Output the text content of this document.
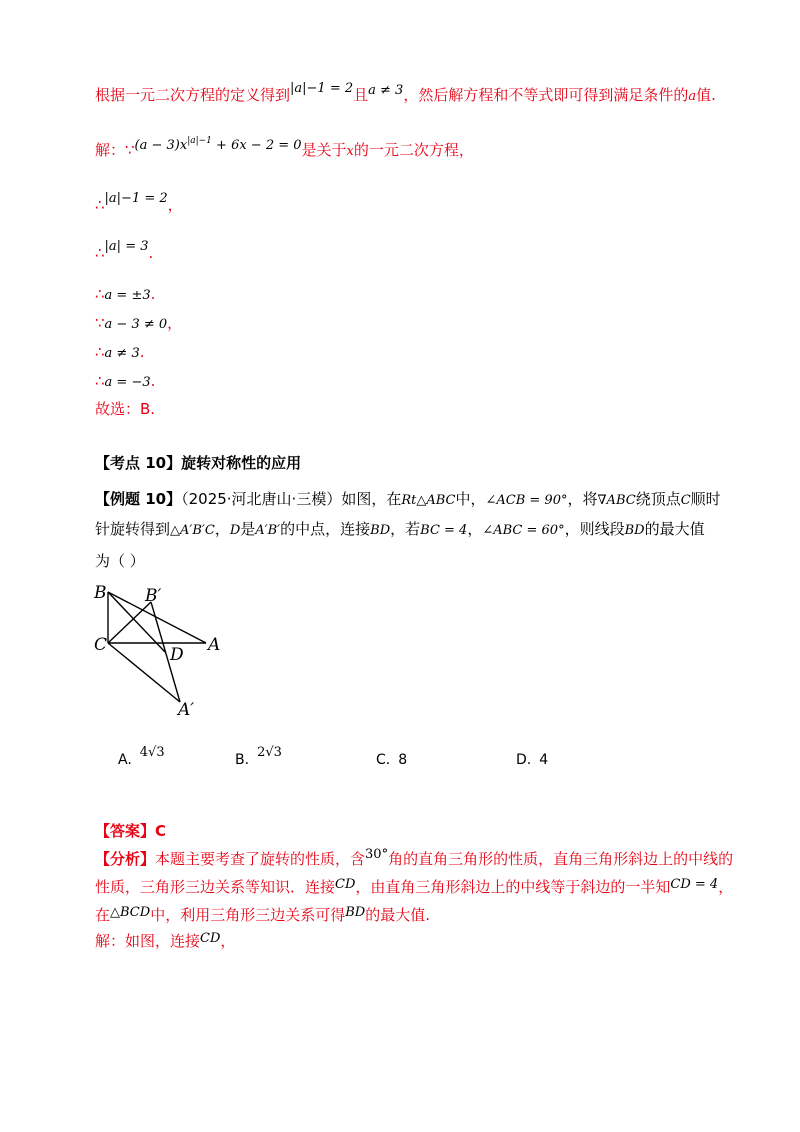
根据一元二次方程的定义得到|a|−1 = 2且a ≠ 3，然后解方程和不等式即可得到满足条件的a值.
解：∵(a − $3)x^{|a|-1} + 6x - 2 = 0$是关于x的一元二次方程，
∴|a|−1 = 2，
∴|a| = 3.
∴a = ±3.
∵a − 3 ≠ 0，
∴a ≠ 3.
∴a = −3.
故选：B.
【考点 10】旋转对称性的应用
【例题 10】（2025·河北唐山·三模）如图，在Rt△ABC中，∠ACB = 90°，将∇ABC绕顶点C顺时
针旋转得到△A′B′C，D是A′B′的中点，连接BD，若BC = 4，∠ABC = 60°，则线段BD的最大值
为（ ）
B B′
C	D A
A′
A. 4√3	B. 2√3	C. 8	D. 4
【答案】C
【分析】本题主要考查了旋转的性质，含30°角的直角三角形的性质，直角三角形斜边上的中线的
性质，三角形三边关系等知识．连接CD，由直角三角形斜边上的中线等于斜边的一半知CD = 4，
在△BCD中，利用三角形三边关系可得BD的最大值.
解：如图，连接CD，
